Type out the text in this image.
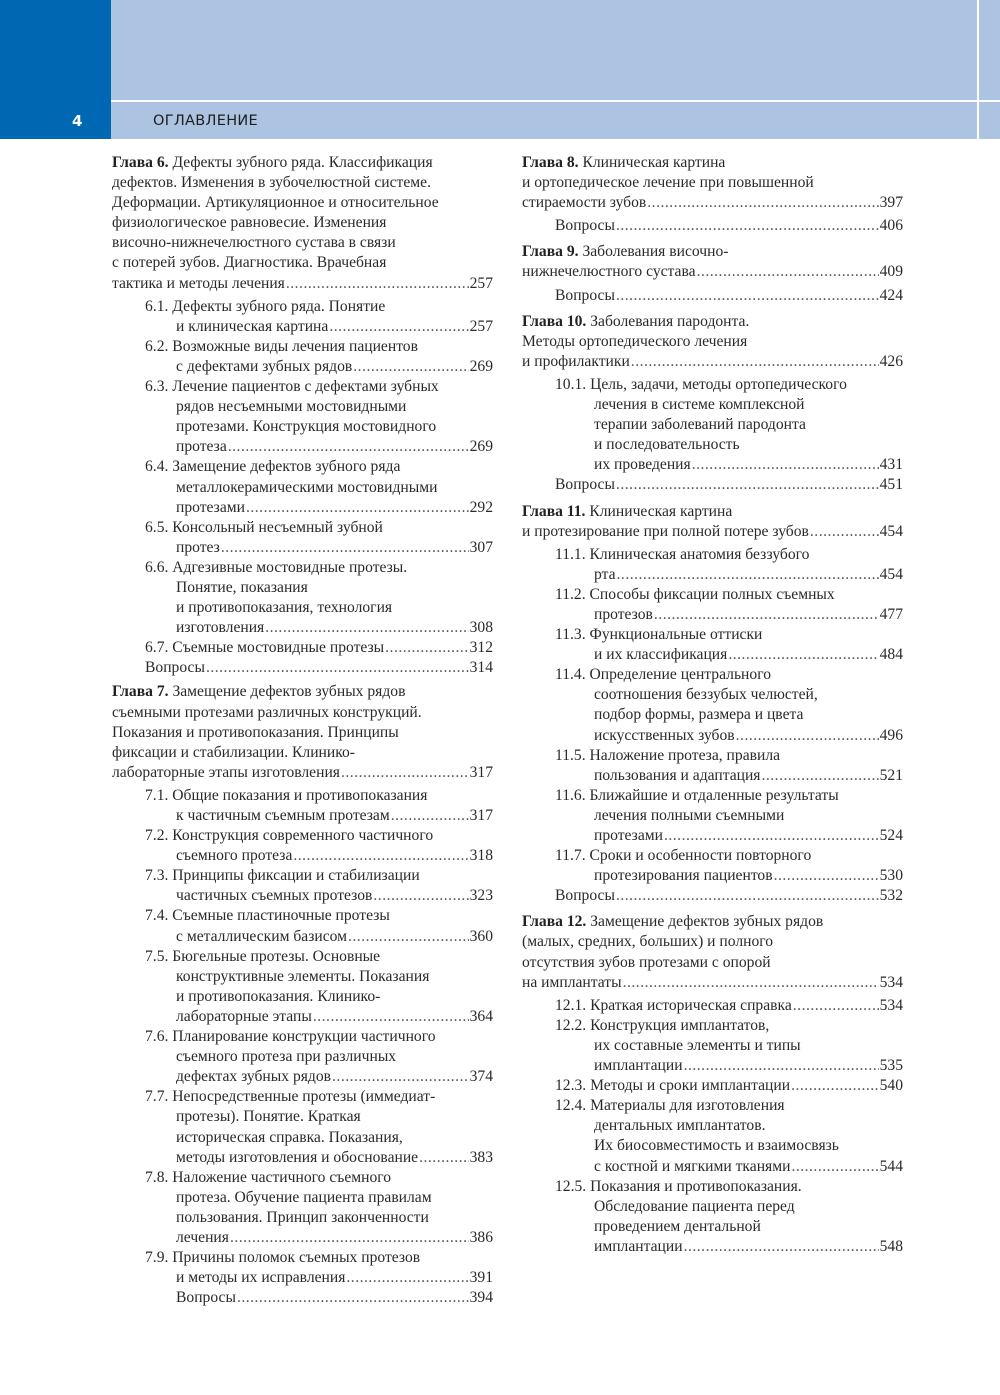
4	ОГЛАВЛЕНИЕ
Глава 6. Дефекты зубного ряда. Классификация
дефектов. Изменения в зубочелюстной системе.
Деформации. Артикуляционное и относительное
физиологическое равновесие. Изменения
височно-нижнечелюстного сустава в связи
с потерей зубов. Диагностика. Врачебная
тактика и методы лечения .....	257
6.1. Дефекты зубного ряда. Понятие
и клиническая картина .....	257
6.2. Возможные виды лечения пациентов
с дефектами зубных рядов .....	269
6.3. Лечение пациентов с дефектами зубных
рядов несъемными мостовидными
протезами. Конструкция мостовидного
протеза .....	269
6.4. Замещение дефектов зубного ряда
металлокерамическими мостовидными
протезами .....	292
6.5. Консольный несъемный зубной
протез .....	307
6.6. Адгезивные мостовидные протезы.
Понятие, показания
и противопоказания, технология
изготовления .....	308
6.7. Съемные мостовидные протезы .....	312
Вопросы .....	314
Глава 7. Замещение дефектов зубных рядов
съемными протезами различных конструкций.
Показания и противопоказания. Принципы
фиксации и стабилизации. Клинико-
лабораторные этапы изготовления .....	317
7.1. Общие показания и противопоказания
к частичным съемным протезам .....	317
7.2. Конструкция современного частичного
съемного протеза .....	318
7.3. Принципы фиксации и стабилизации
частичных съемных протезов .....	323
7.4. Съемные пластиночные протезы
с металлическим базисом .....	360
7.5. Бюгельные протезы. Основные
конструктивные элементы. Показания
и противопоказания. Клинико-
лабораторные этапы .....	364
7.6. Планирование конструкции частичного
съемного протеза при различных
дефектах зубных рядов .....	374
7.7. Непосредственные протезы (иммедиат-
протезы). Понятие. Краткая
историческая справка. Показания,
методы изготовления и обоснование .....	383
7.8. Наложение частичного съемного
протеза. Обучение пациента правилам
пользования. Принцип законченности
лечения .....	386
7.9. Причины поломок съемных протезов
и методы их исправления .....	391
Вопросы .....	394
Глава 8. Клиническая картина
и ортопедическое лечение при повышенной
стираемости зубов .....	397
Вопросы .....	406
Глава 9. Заболевания височно-
нижнечелюстного сустава .....	409
Вопросы .....	424
Глава 10. Заболевания пародонта.
Методы ортопедического лечения
и профилактики .....	426
10.1. Цель, задачи, методы ортопедического
лечения в системе комплексной
терапии заболеваний пародонта
и последовательность
их проведения .....	431
Вопросы .....	451
Глава 11. Клиническая картина
и протезирование при полной потере зубов .....	454
11.1. Клиническая анатомия беззубого
рта .....	454
11.2. Способы фиксации полных съемных
протезов .....	477
11.3. Функциональные оттиски
и их классификация .....	484
11.4. Определение центрального
соотношения беззубых челюстей,
подбор формы, размера и цвета
искусственных зубов .....	496
11.5. Наложение протеза, правила
пользования и адаптация .....	521
11.6. Ближайшие и отдаленные результаты
лечения полными съемными
протезами .....	524
11.7. Сроки и особенности повторного
протезирования пациентов .....	530
Вопросы .....	532
Глава 12. Замещение дефектов зубных рядов
(малых, средних, больших) и полного
отсутствия зубов протезами с опорой
на имплантаты .....	534
12.1. Краткая историческая справка .....	534
12.2. Конструкция имплантатов,
их составные элементы и типы
имплантации .....	535
12.3. Методы и сроки имплантации .....	540
12.4. Материалы для изготовления
дентальных имплантатов.
Их биосовместимость и взаимосвязь
с костной и мягкими тканями .....	544
12.5. Показания и противопоказания.
Обследование пациента перед
проведением дентальной
имплантации .....	548
